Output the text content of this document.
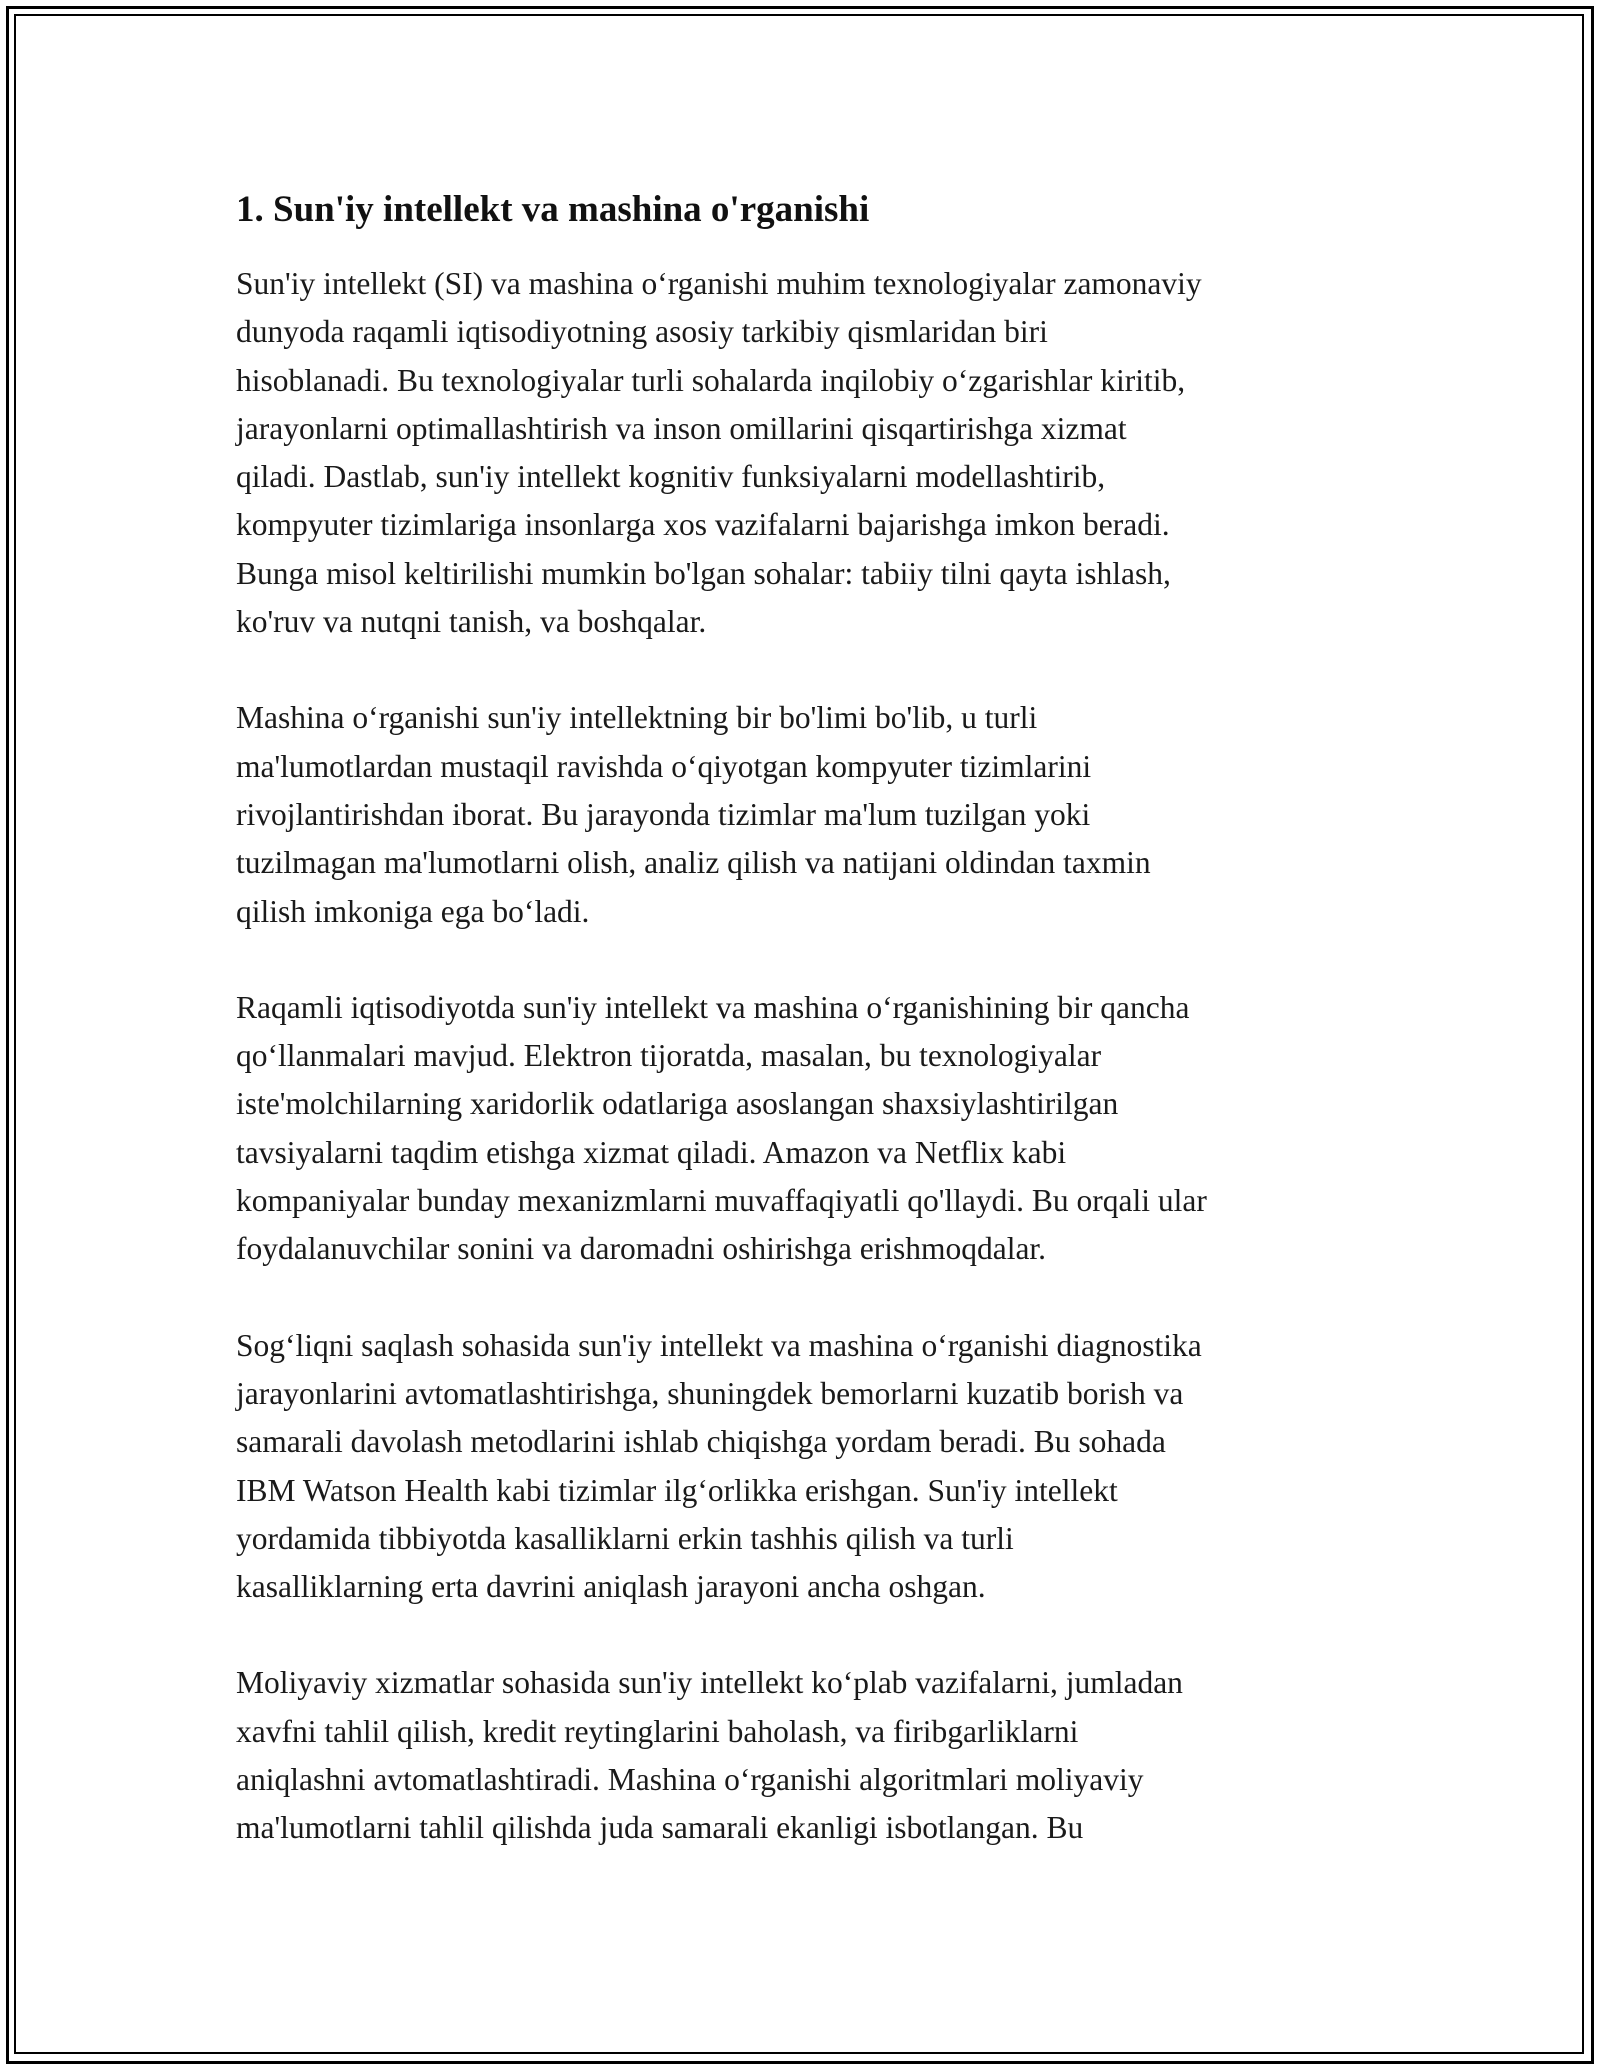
1. Sun'iy intellekt va mashina o'rganishi

Sun'iy intellekt (SI) va mashina o‘rganishi muhim texnologiyalar zamonaviy
dunyoda raqamli iqtisodiyotning asosiy tarkibiy qismlaridan biri
hisoblanadi. Bu texnologiyalar turli sohalarda inqilobiy o‘zgarishlar kiritib,
jarayonlarni optimallashtirish va inson omillarini qisqartirishga xizmat
qiladi. Dastlab, sun'iy intellekt kognitiv funksiyalarni modellashtirib,
kompyuter tizimlariga insonlarga xos vazifalarni bajarishga imkon beradi.
Bunga misol keltirilishi mumkin bo'lgan sohalar: tabiiy tilni qayta ishlash,
ko'ruv va nutqni tanish, va boshqalar.

Mashina o‘rganishi sun'iy intellektning bir bo'limi bo'lib, u turli
ma'lumotlardan mustaqil ravishda o‘qiyotgan kompyuter tizimlarini
rivojlantirishdan iborat. Bu jarayonda tizimlar ma'lum tuzilgan yoki
tuzilmagan ma'lumotlarni olish, analiz qilish va natijani oldindan taxmin
qilish imkoniga ega bo‘ladi.

Raqamli iqtisodiyotda sun'iy intellekt va mashina o‘rganishining bir qancha
qo‘llanmalari mavjud. Elektron tijoratda, masalan, bu texnologiyalar
iste'molchilarning xaridorlik odatlariga asoslangan shaxsiylashtirilgan
tavsiyalarni taqdim etishga xizmat qiladi. Amazon va Netflix kabi
kompaniyalar bunday mexanizmlarni muvaffaqiyatli qo'llaydi. Bu orqali ular
foydalanuvchilar sonini va daromadni oshirishga erishmoqdalar.

Sog‘liqni saqlash sohasida sun'iy intellekt va mashina o‘rganishi diagnostika
jarayonlarini avtomatlashtirishga, shuningdek bemorlarni kuzatib borish va
samarali davolash metodlarini ishlab chiqishga yordam beradi. Bu sohada
IBM Watson Health kabi tizimlar ilg‘orlikka erishgan. Sun'iy intellekt
yordamida tibbiyotda kasalliklarni erkin tashhis qilish va turli
kasalliklarning erta davrini aniqlash jarayoni ancha oshgan.

Moliyaviy xizmatlar sohasida sun'iy intellekt ko‘plab vazifalarni, jumladan
xavfni tahlil qilish, kredit reytinglarini baholash, va firibgarliklarni
aniqlashni avtomatlashtiradi. Mashina o‘rganishi algoritmlari moliyaviy
ma'lumotlarni tahlil qilishda juda samarali ekanligi isbotlangan. Bu
